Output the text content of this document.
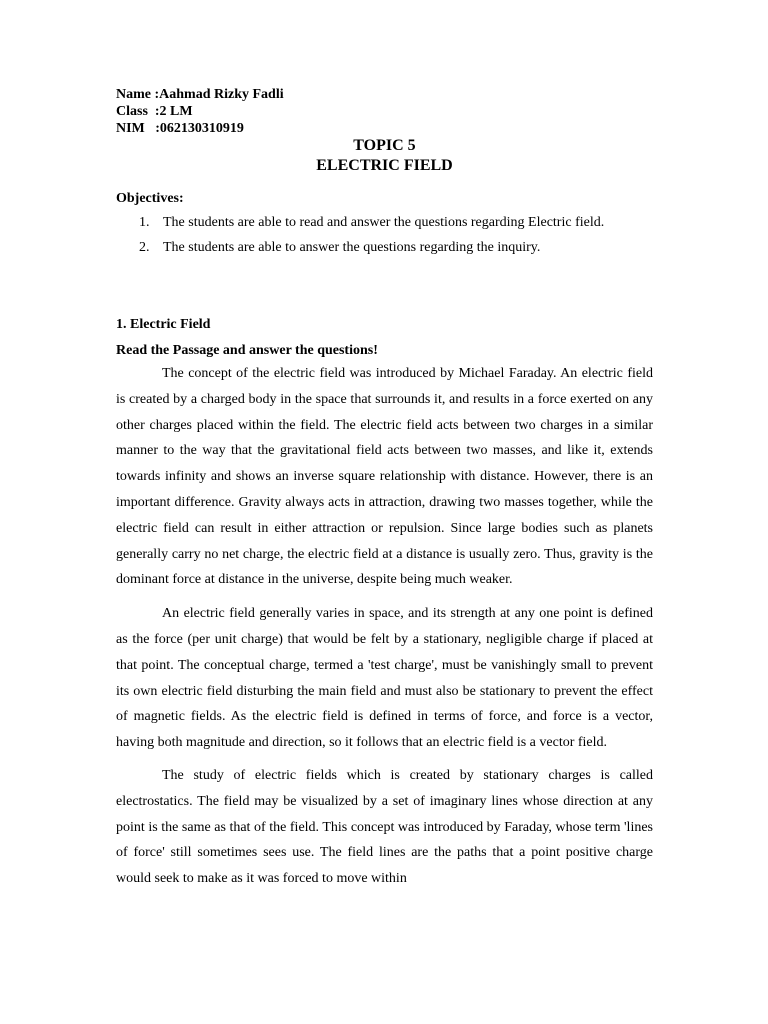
Name :Aahmad Rizky Fadli
Class  :2 LM
NIM   :062130310919
TOPIC 5
ELECTRIC FIELD
Objectives:
1. The students are able to read and answer the questions regarding Electric field.
2. The students are able to answer the questions regarding the inquiry.
1. Electric Field
Read the Passage and answer the questions!

The concept of the electric field was introduced by Michael Faraday. An electric field is created by a charged body in the space that surrounds it, and results in a force exerted on any other charges placed within the field. The electric field acts between two charges in a similar manner to the way that the gravitational field acts between two masses, and like it, extends towards infinity and shows an inverse square relationship with distance. However, there is an important difference. Gravity always acts in attraction, drawing two masses together, while the electric field can result in either attraction or repulsion. Since large bodies such as planets generally carry no net charge, the electric field at a distance is usually zero. Thus, gravity is the dominant force at distance in the universe, despite being much weaker.

An electric field generally varies in space, and its strength at any one point is defined as the force (per unit charge) that would be felt by a stationary, negligible charge if placed at that point. The conceptual charge, termed a 'test charge', must be vanishingly small to prevent its own electric field disturbing the main field and must also be stationary to prevent the effect of magnetic fields. As the electric field is defined in terms of force, and force is a vector, having both magnitude and direction, so it follows that an electric field is a vector field.

The study of electric fields which is created by stationary charges is called electrostatics. The field may be visualized by a set of imaginary lines whose direction at any point is the same as that of the field. This concept was introduced by Faraday, whose term 'lines of force' still sometimes sees use. The field lines are the paths that a point positive charge would seek to make as it was forced to move within
